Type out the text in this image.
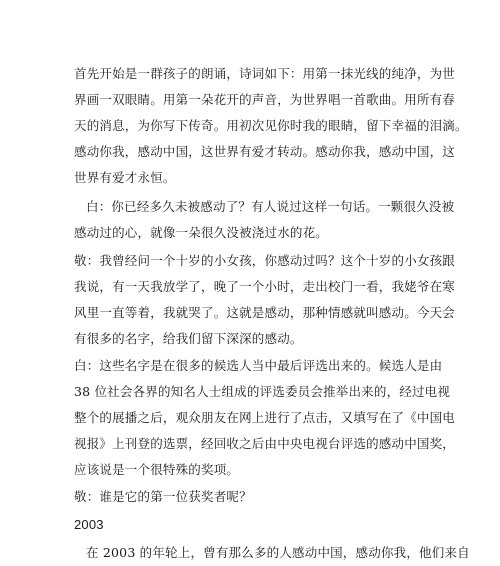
首先开始是一群孩子的朗诵，诗词如下：用第一抹光线的纯净，为世
界画一双眼睛。用第一朵花开的声音，为世界唱一首歌曲。用所有春
天的消息，为你写下传奇。用初次见你时我的眼睛，留下幸福的泪滴。
感动你我，感动中国，这世界有爱才转动。感动你我，感动中国，这
世界有爱才永恒。
白：你已经多久未被感动了？有人说过这样一句话。一颗很久没被
感动过的心，就像一朵很久没被浇过水的花。
敬：我曾经问一个十岁的小女孩，你感动过吗？这个十岁的小女孩跟
我说，有一天我放学了，晚了一个小时，走出校门一看，我姥爷在寒
风里一直等着，我就哭了。这就是感动，那种情感就叫感动。今天会
有很多的名字，给我们留下深深的感动。
白：这些名字是在很多的候选人当中最后评选出来的。候选人是由
38 位社会各界的知名人士组成的评选委员会推举出来的，经过电视
整个的展播之后，观众朋友在网上进行了点击，又填写在了《中国电
视报》上刊登的选票，经回收之后由中央电视台评选的感动中国奖，
应该说是一个很特殊的奖项。
敬：谁是它的第一位获奖者呢？
2003
在 2003 的年轮上，曾有那么多的人感动中国，感动你我，他们来自
